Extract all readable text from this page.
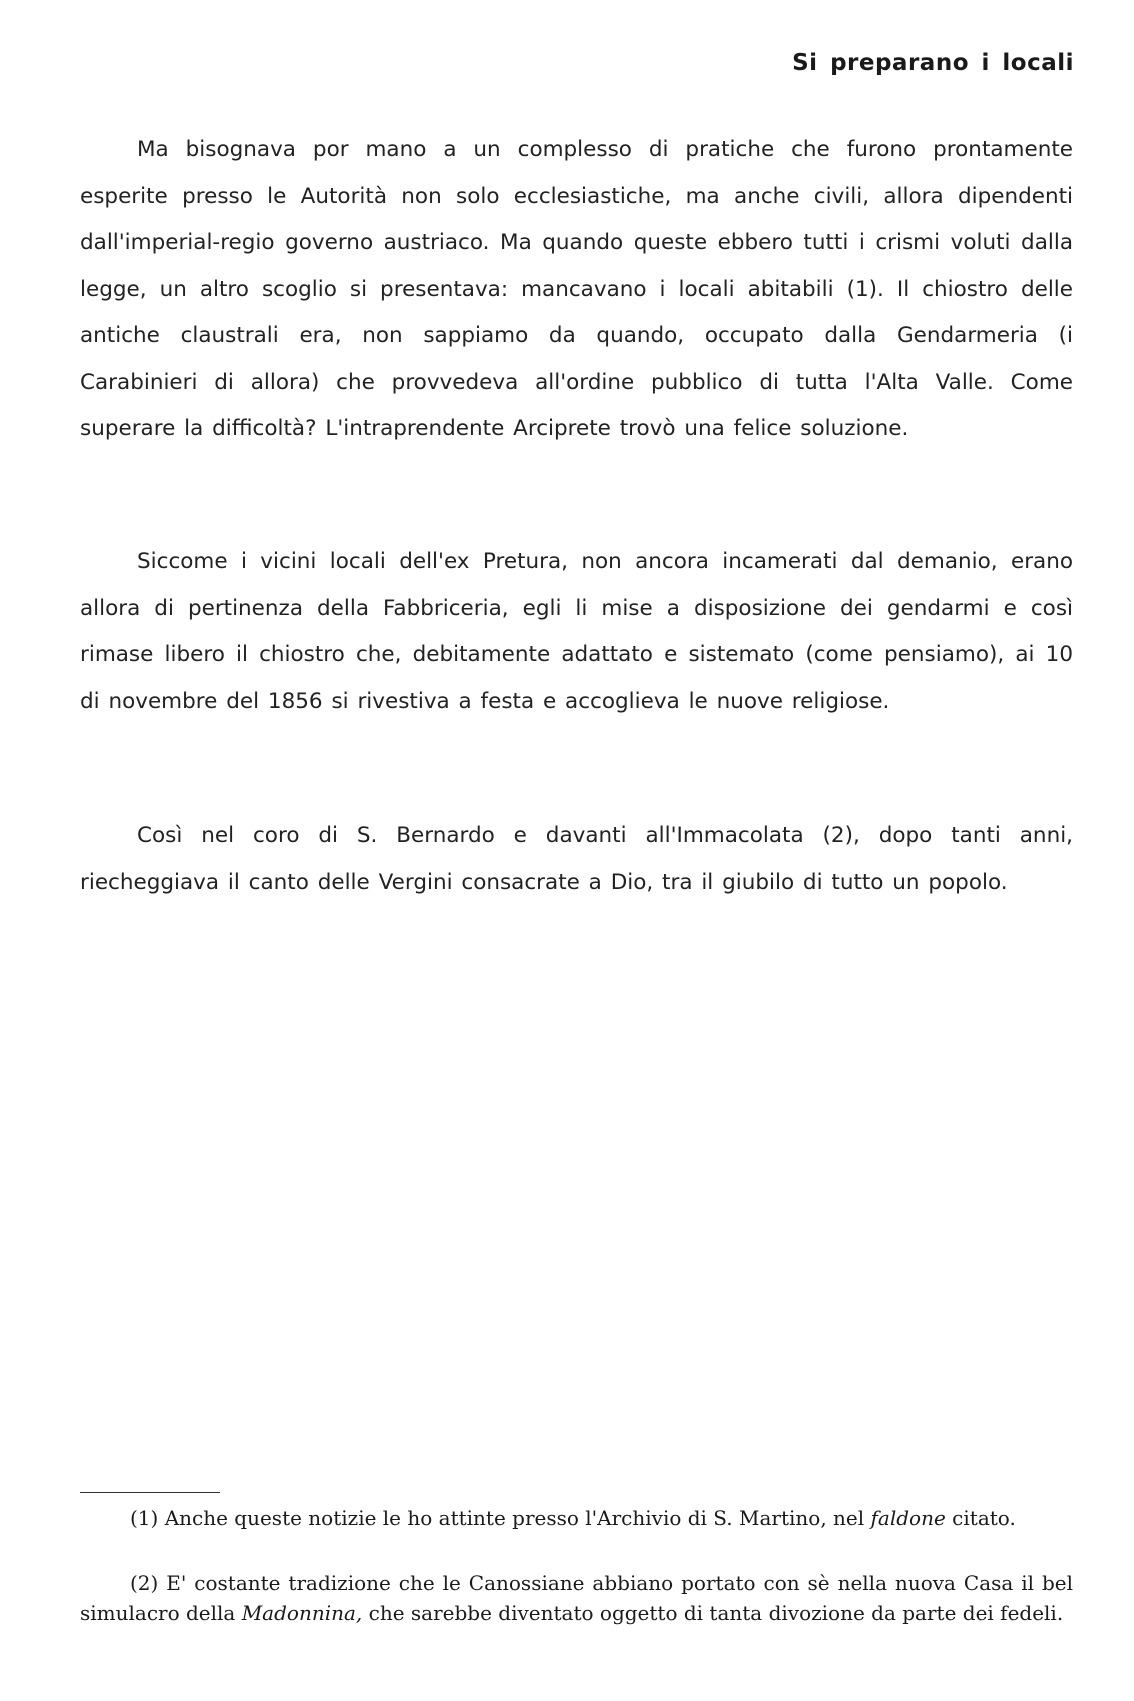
Si preparano i locali

Ma bisognava por mano a un complesso di pratiche che furono prontamente esperite presso le Autorità non solo ecclesiastiche, ma anche civili, allora dipendenti dall'imperial-regio governo austriaco. Ma quando queste ebbero tutti i crismi voluti dalla legge, un altro scoglio si presentava: mancavano i locali abitabili (1). Il chiostro delle antiche claustrali era, non sappiamo da quando, occupato dalla Gendarmeria (i Carabinieri di allora) che provvedeva all'ordine pubblico di tutta l'Alta Valle. Come superare la difficoltà? L'intraprendente Arciprete trovò una felice soluzione.

Siccome i vicini locali dell'ex Pretura, non ancora incamerati dal demanio, erano allora di pertinenza della Fabbriceria, egli li mise a disposizione dei gendarmi e così rimase libero il chiostro che, debitamente adattato e sistemato (come pensiamo), ai 10 di novembre del 1856 si rivestiva a festa e accoglieva le nuove religiose.

Così nel coro di S. Bernardo e davanti all'Immacolata (2), dopo tanti anni, riecheggiava il canto delle Vergini consacrate a Dio, tra il giubilo di tutto un popolo.

(1) Anche queste notizie le ho attinte presso l'Archivio di S. Martino, nel faldone citato.

(2) E' costante tradizione che le Canossiane abbiano portato con sè nella nuova Casa il bel simulacro della Madonnina, che sarebbe diventato oggetto di tanta divozione da parte dei fedeli.
